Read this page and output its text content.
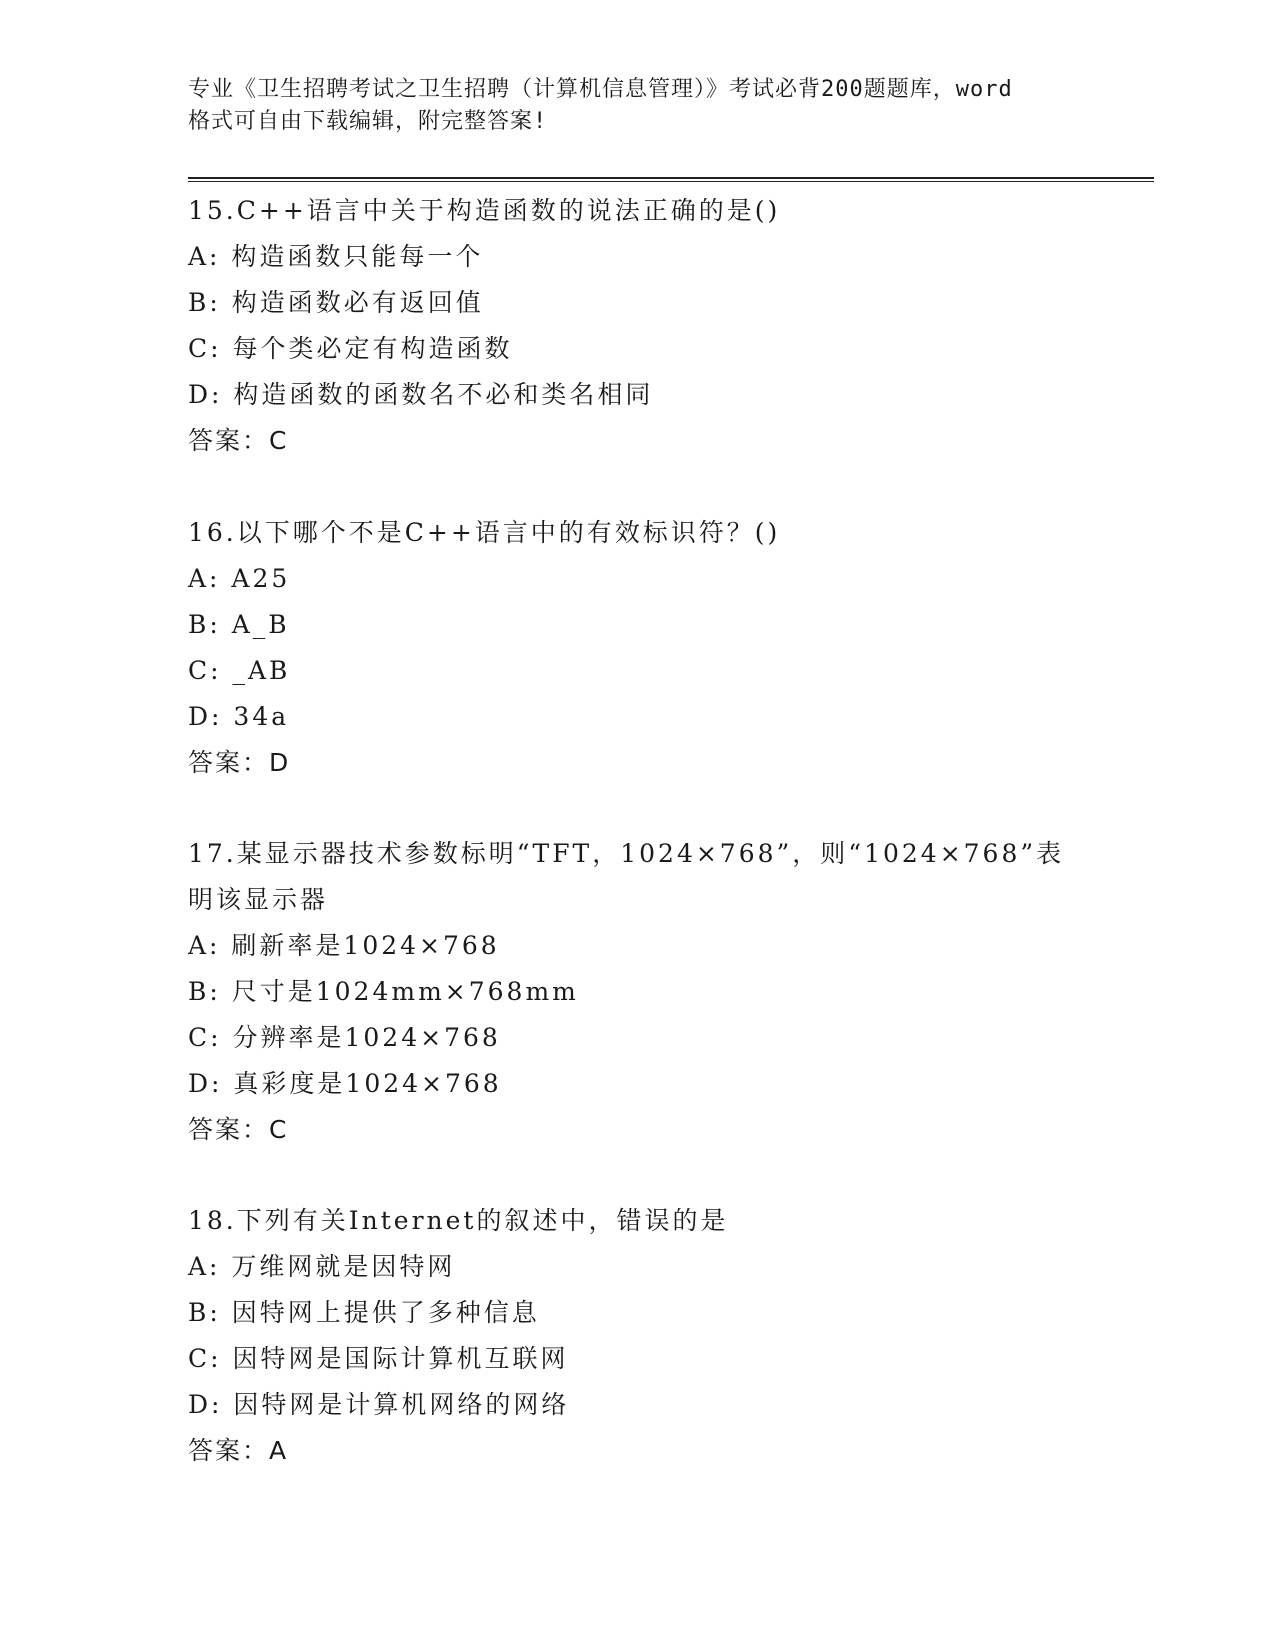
专业《卫生招聘考试之卫生招聘（计算机信息管理）》考试必背200题题库，word
格式可自由下载编辑，附完整答案!
15.C++语言中关于构造函数的说法正确的是()
A: 构造函数只能每一个
B: 构造函数必有返回值
C: 每个类必定有构造函数
D: 构造函数的函数名不必和类名相同
答案：C
16.以下哪个不是C++语言中的有效标识符？()
A: A25
B: A_B
C: _AB
D: 34a
答案：D
17.某显示器技术参数标明“TFT，1024×768”，则“1024×768”表
明该显示器
A: 刷新率是1024×768
B: 尺寸是1024mm×768mm
C: 分辨率是1024×768
D: 真彩度是1024×768
答案：C
18.下列有关Internet的叙述中，错误的是
A: 万维网就是因特网
B: 因特网上提供了多种信息
C: 因特网是国际计算机互联网
D: 因特网是计算机网络的网络
答案：A
